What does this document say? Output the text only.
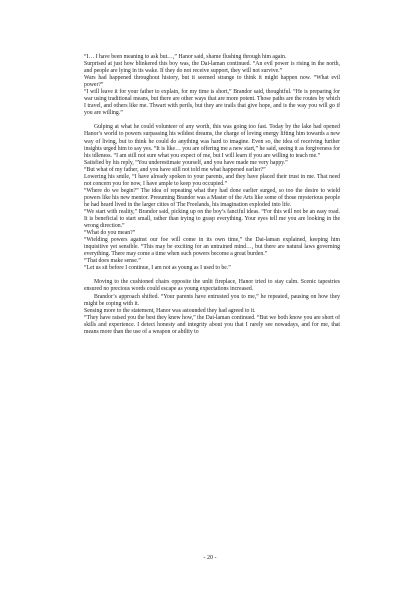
“I… I have been meaning to ask but…,” Hanor said, shame flushing through him again.

Surprised at just how blinkered this boy was, the Dai-laman continued. “An evil power is rising in the north, and people are lying in its wake. If they do not receive support, they will not survive.”

Wars had happened throughout history, but it seemed strange to think it might happen now. “What evil power?”

“I will leave it for your father to explain, for my time is short,” Brandor said, thoughtful. “He is preparing for war using traditional means, but there are other ways that are more potent. Those paths are the routes by which I travel, and others like me. Thwart with perils, but they are trails that give hope, and is the way you will go if you are willing.”

Gulping at what he could volunteer of any worth, this was going too fast. Today by the lake had opened Hanor’s world to powers surpassing his wildest dreams, the charge of loving energy lifting him towards a new way of living, but to think he could do anything was hard to imagine. Even so, the idea of receiving further insights urged him to say yes. “It is like… you are offering me a new start,” he said, seeing it as forgiveness for his idleness. “I am still not sure what you expect of me, but I will learn if you are willing to teach me.”

Satisfied by his reply, “You underestimate yourself, and you have made me very happy.”

“But what of my father, and you have still not told me what happened earlier?”

Lowering his smile, “I have already spoken to your parents, and they have placed their trust in me. That need not concern you for now, I have ample to keep you occupied.”

“Where do we begin?” The idea of repeating what they had done earlier surged, so too the desire to wield powers like his new mentor. Presuming Brandor was a Master of the Arts like some of those mysterious people he had heard lived in the larger cities of The Freelands, his imagination exploded into life.

“We start with reality,” Brandor said, picking up on the boy’s fanciful ideas. “For this will not be an easy road. It is beneficial to start small, rather than trying to grasp everything. Your eyes tell me you are looking in the wrong direction.”

“What do you mean?”

“Wielding powers against our foe will come in its own time,” the Dai-laman explained, keeping him inquisitive yet sensible. “This may be exciting for an untrained mind…, but there are natural laws governing everything. There may come a time when such powers become a great burden.”

“That does make sense.”

“Let us sit before I continue, I am not as young as I used to be.”

Moving to the cushioned chairs opposite the unlit fireplace, Hanor tried to stay calm. Scenic tapestries ensured no precious words could escape as young expectations increased.

Brandor’s approach shifted. “Your parents have entrusted you to me,” he repeated, pausing on how they might be coping with it.

Sensing more to the statement, Hanor was astounded they had agreed to it.

“They have raised you the best they knew how,” the Dai-laman continued. “But we both know you are short of skills and experience. I detect honesty and integrity about you that I rarely see nowadays, and for me, that means more than the use of a weapon or ability to

- 20 -
